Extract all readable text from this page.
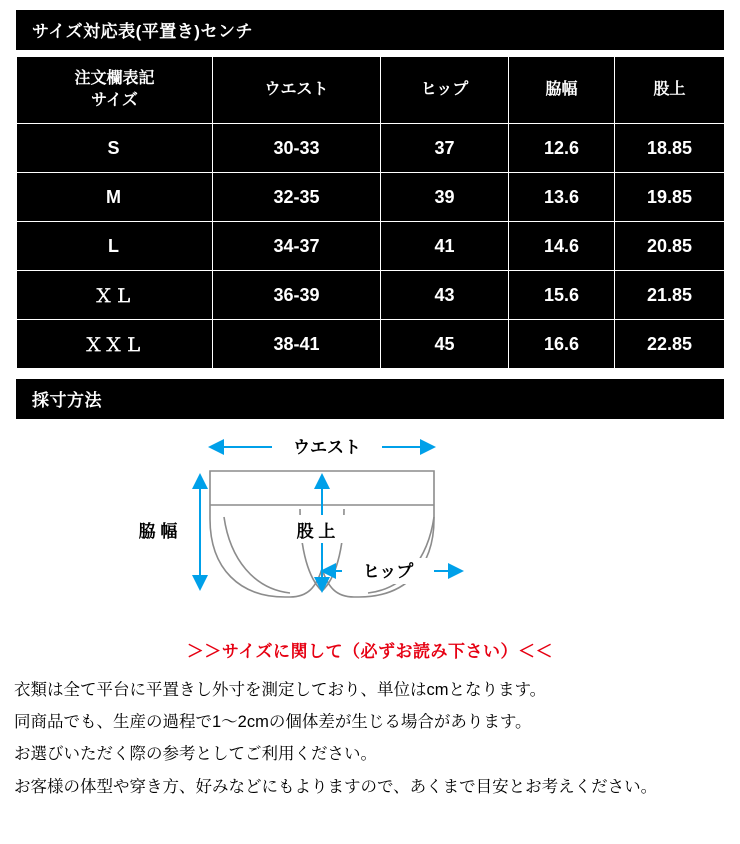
サイズ対応表(平置き)センチ
注文欄表記
サイズ	ウエスト	ヒップ	脇幅	股上
S	30-33	37	12.6	18.85
M	32-35	39	13.6	19.85
L	34-37	41	14.6	20.85
ＸＬ	36-39	43	15.6	21.85
ＸＸＬ	38-41	45	16.6	22.85
採寸方法
ウエスト
脇 幅	股 上
ヒップ
＞＞サイズに関して（必ずお読み下さい）＜＜

衣類は全て平台に平置きし外寸を測定しており、単位はcmとなります。

同商品でも、生産の過程で1～2cmの個体差が生じる場合があります。

お選びいただく際の参考としてご利用ください。

お客様の体型や穿き方、好みなどにもよりますので、あくまで目安とお考えください。
